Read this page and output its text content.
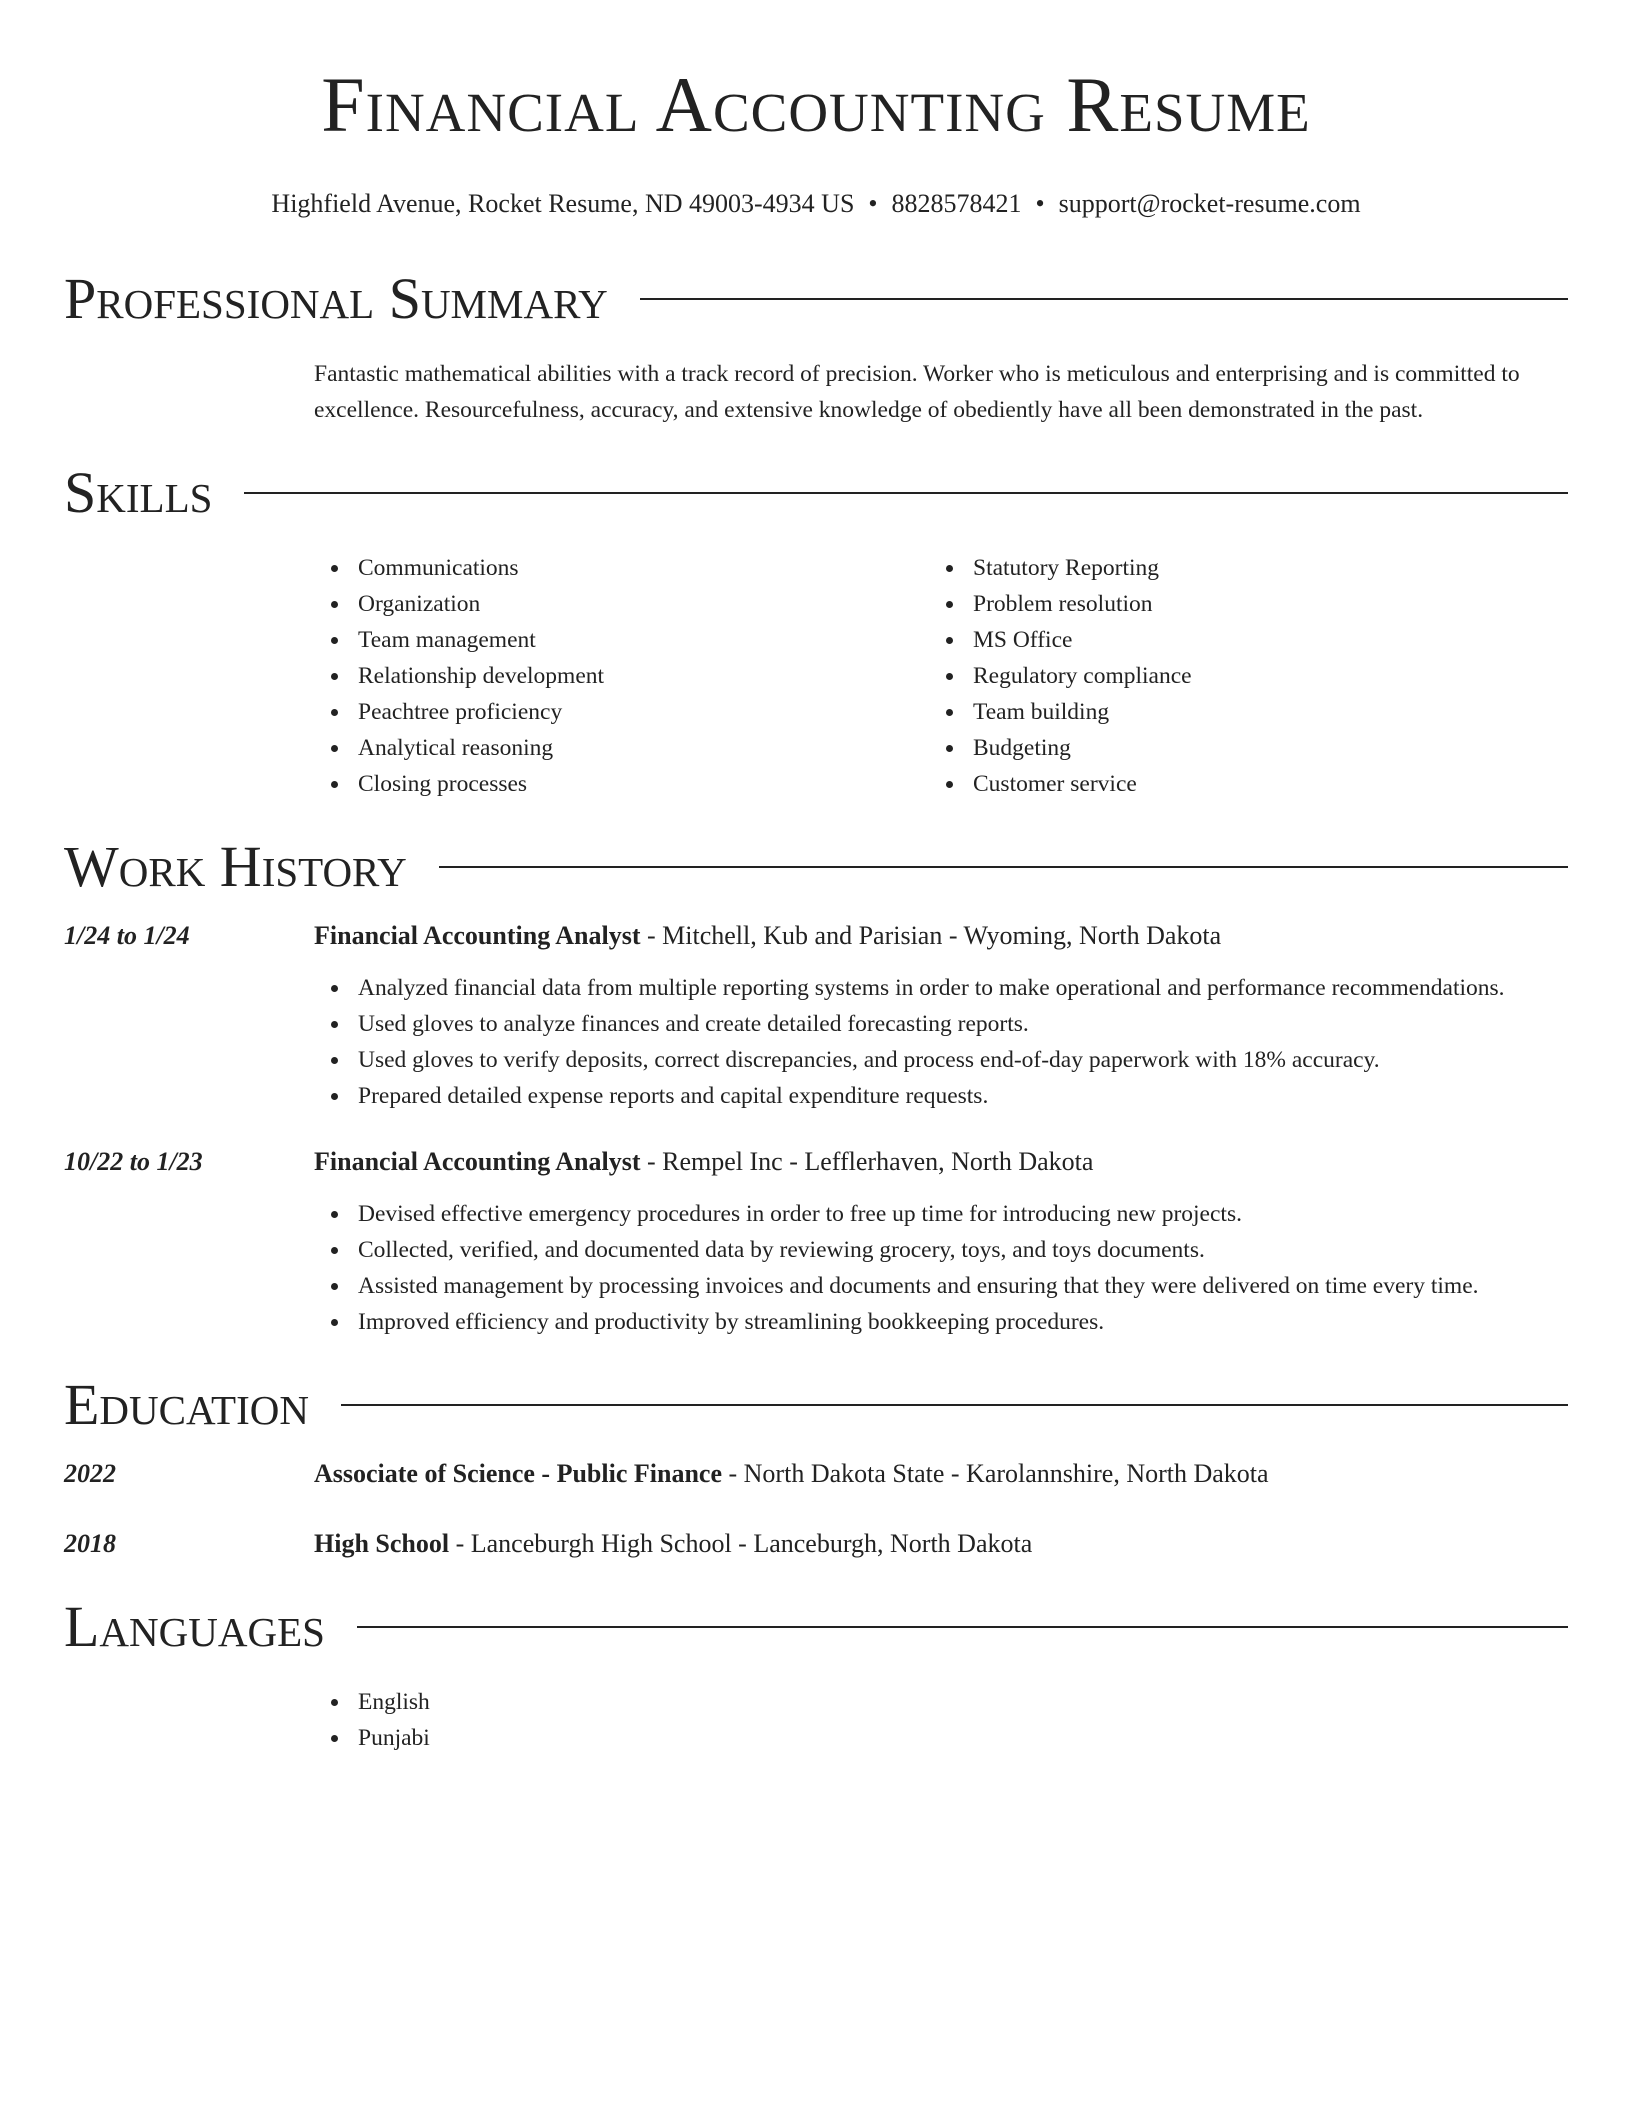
Financial Accounting Resume
Highfield Avenue, Rocket Resume, ND 49003-4934 US • 8828578421 • support@rocket-resume.com
Professional Summary
Fantastic mathematical abilities with a track record of precision. Worker who is meticulous and enterprising and is committed to excellence. Resourcefulness, accuracy, and extensive knowledge of obediently have all been demonstrated in the past.
Skills
Communications
Organization
Team management
Relationship development
Peachtree proficiency
Analytical reasoning
Closing processes
Statutory Reporting
Problem resolution
MS Office
Regulatory compliance
Team building
Budgeting
Customer service
Work History
1/24 to 1/24	Financial Accounting Analyst - Mitchell, Kub and Parisian - Wyoming, North Dakota
Analyzed financial data from multiple reporting systems in order to make operational and performance recommendations.
Used gloves to analyze finances and create detailed forecasting reports.
Used gloves to verify deposits, correct discrepancies, and process end-of-day paperwork with 18% accuracy.
Prepared detailed expense reports and capital expenditure requests.
10/22 to 1/23	Financial Accounting Analyst - Rempel Inc - Lefflerhaven, North Dakota
Devised effective emergency procedures in order to free up time for introducing new projects.
Collected, verified, and documented data by reviewing grocery, toys, and toys documents.
Assisted management by processing invoices and documents and ensuring that they were delivered on time every time.
Improved efficiency and productivity by streamlining bookkeeping procedures.
Education
2022	Associate of Science - Public Finance - North Dakota State - Karolannshire, North Dakota
2018	High School - Lanceburgh High School - Lanceburgh, North Dakota
Languages
English
Punjabi
